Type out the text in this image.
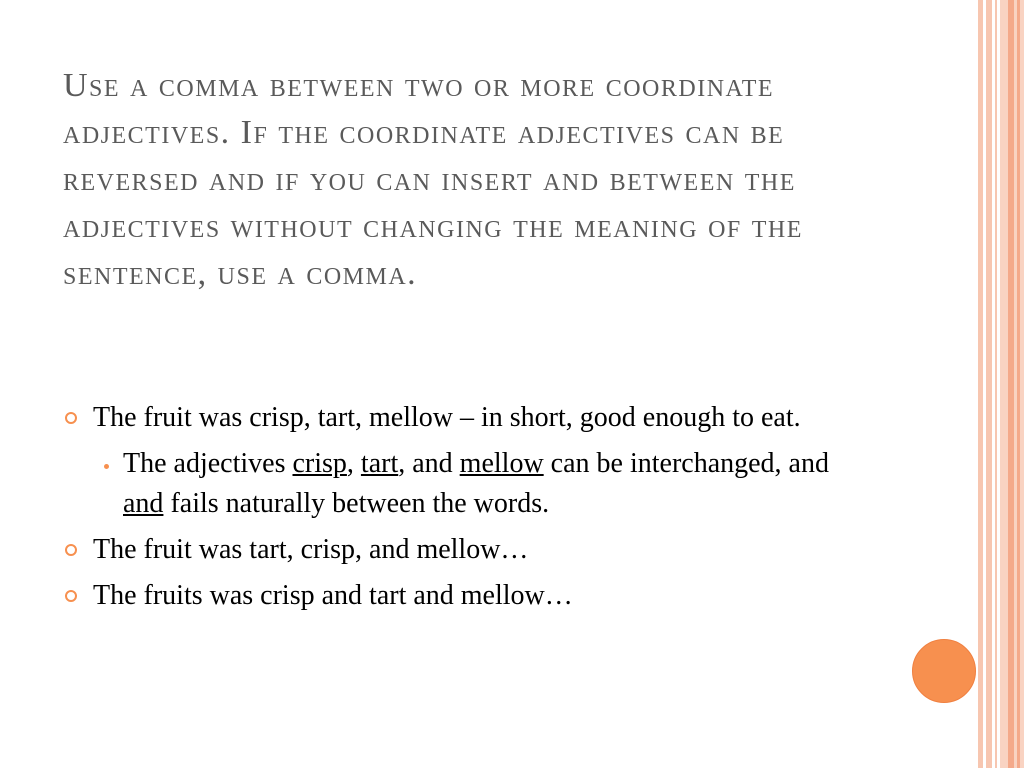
Use a comma between two or more coordinate adjectives. If the coordinate adjectives can be reversed and if you can insert and between the adjectives without changing the meaning of the sentence, use a comma.
The fruit was crisp, tart, mellow – in short, good enough to eat.
The adjectives crisp, tart, and mellow can be interchanged, and and fails naturally between the words.
The fruit was tart, crisp, and mellow…
The fruits was crisp and tart and mellow…
